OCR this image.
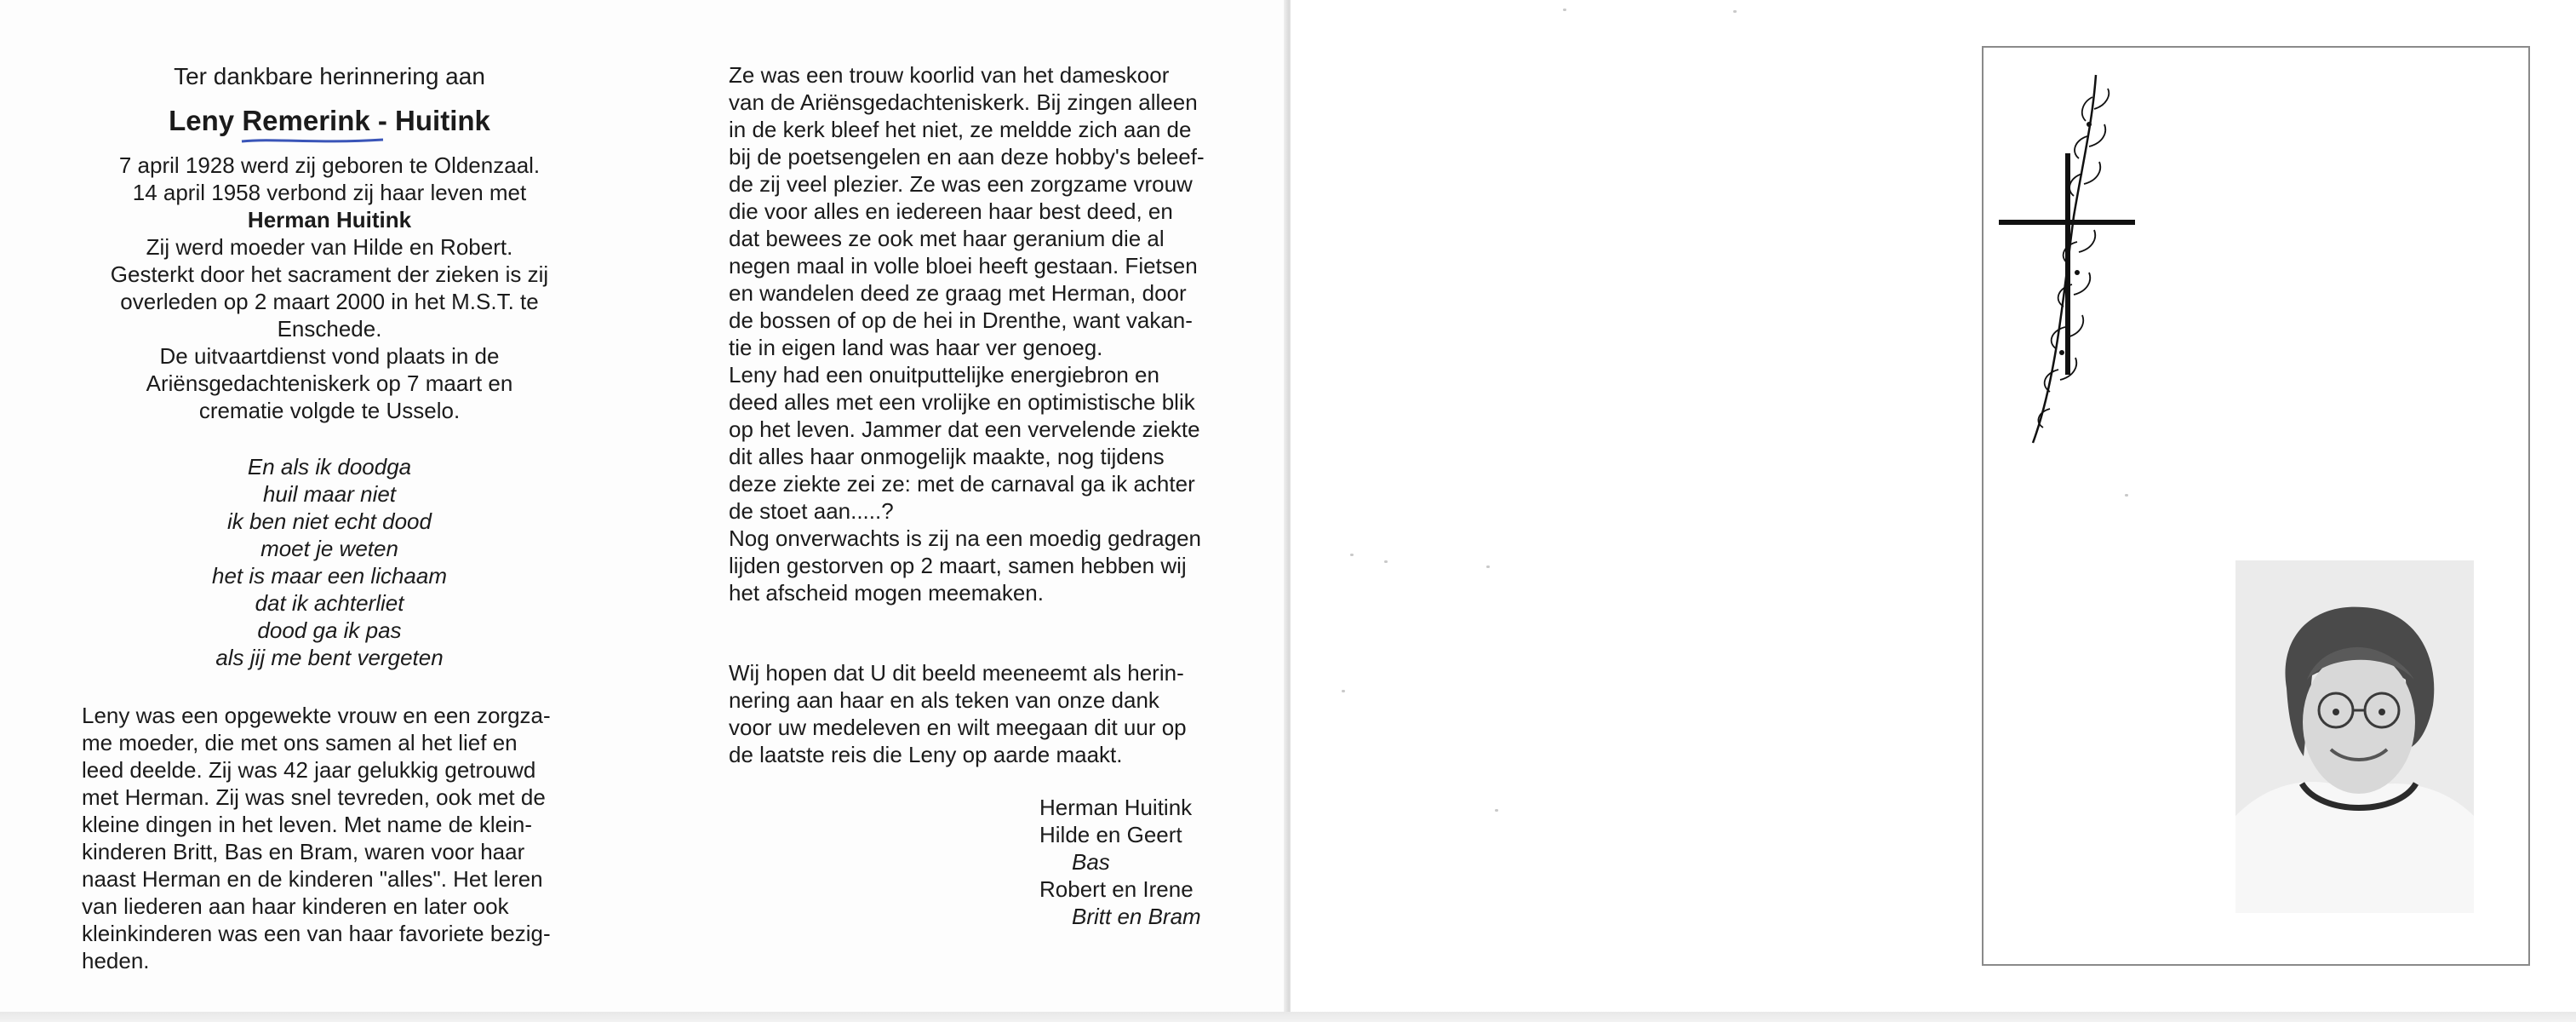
Ter dankbare herinnering aan

Leny Remerink - Huitink

7 april 1928 werd zij geboren te Oldenzaal.

14 april 1958 verbond zij haar leven met

Herman Huitink

Zij werd moeder van Hilde en Robert.

Gesterkt door het sacrament der zieken is zij

overleden op 2 maart 2000 in het M.S.T. te

Enschede.

De uitvaartdienst vond plaats in de

Ariënsgedachteniskerk op 7 maart en

crematie volgde te Usselo.

En als ik doodga

huil maar niet

ik ben niet echt dood

moet je weten

het is maar een lichaam

dat ik achterliet

dood ga ik pas

als jij me bent vergeten

Leny was een opgewekte vrouw en een zorgza-

me moeder, die met ons samen al het lief en

leed deelde. Zij was 42 jaar gelukkig getrouwd

met Herman. Zij was snel tevreden, ook met de

kleine dingen in het leven. Met name de klein-

kinderen Britt, Bas en Bram, waren voor haar

naast Herman en de kinderen "alles". Het leren

van liederen aan haar kinderen en later ook

kleinkinderen was een van haar favoriete bezig-

heden.

Ze was een trouw koorlid van het dameskoor

van de Ariënsgedachteniskerk. Bij zingen alleen

in de kerk bleef het niet, ze meldde zich aan de

bij de poetsengelen en aan deze hobby's beleef-

de zij veel plezier. Ze was een zorgzame vrouw

die voor alles en iedereen haar best deed, en

dat bewees ze ook met haar geranium die al

negen maal in volle bloei heeft gestaan. Fietsen

en wandelen deed ze graag met Herman, door

de bossen of op de hei in Drenthe, want vakan-

tie in eigen land was haar ver genoeg.

Leny had een onuitputtelijke energiebron en

deed alles met een vrolijke en optimistische blik

op het leven. Jammer dat een vervelende ziekte

dit alles haar onmogelijk maakte, nog tijdens

deze ziekte zei ze: met de carnaval ga ik achter

de stoet aan.....?

Nog onverwachts is zij na een moedig gedragen

lijden gestorven op 2 maart, samen hebben wij

het afscheid mogen meemaken.

Wij hopen dat U dit beeld meeneemt als herin-

nering aan haar en als teken van onze dank

voor uw medeleven en wilt meegaan dit uur op

de laatste reis die Leny op aarde maakt.

Herman Huitink

Hilde en Geert

Bas

Robert en Irene

Britt en Bram
